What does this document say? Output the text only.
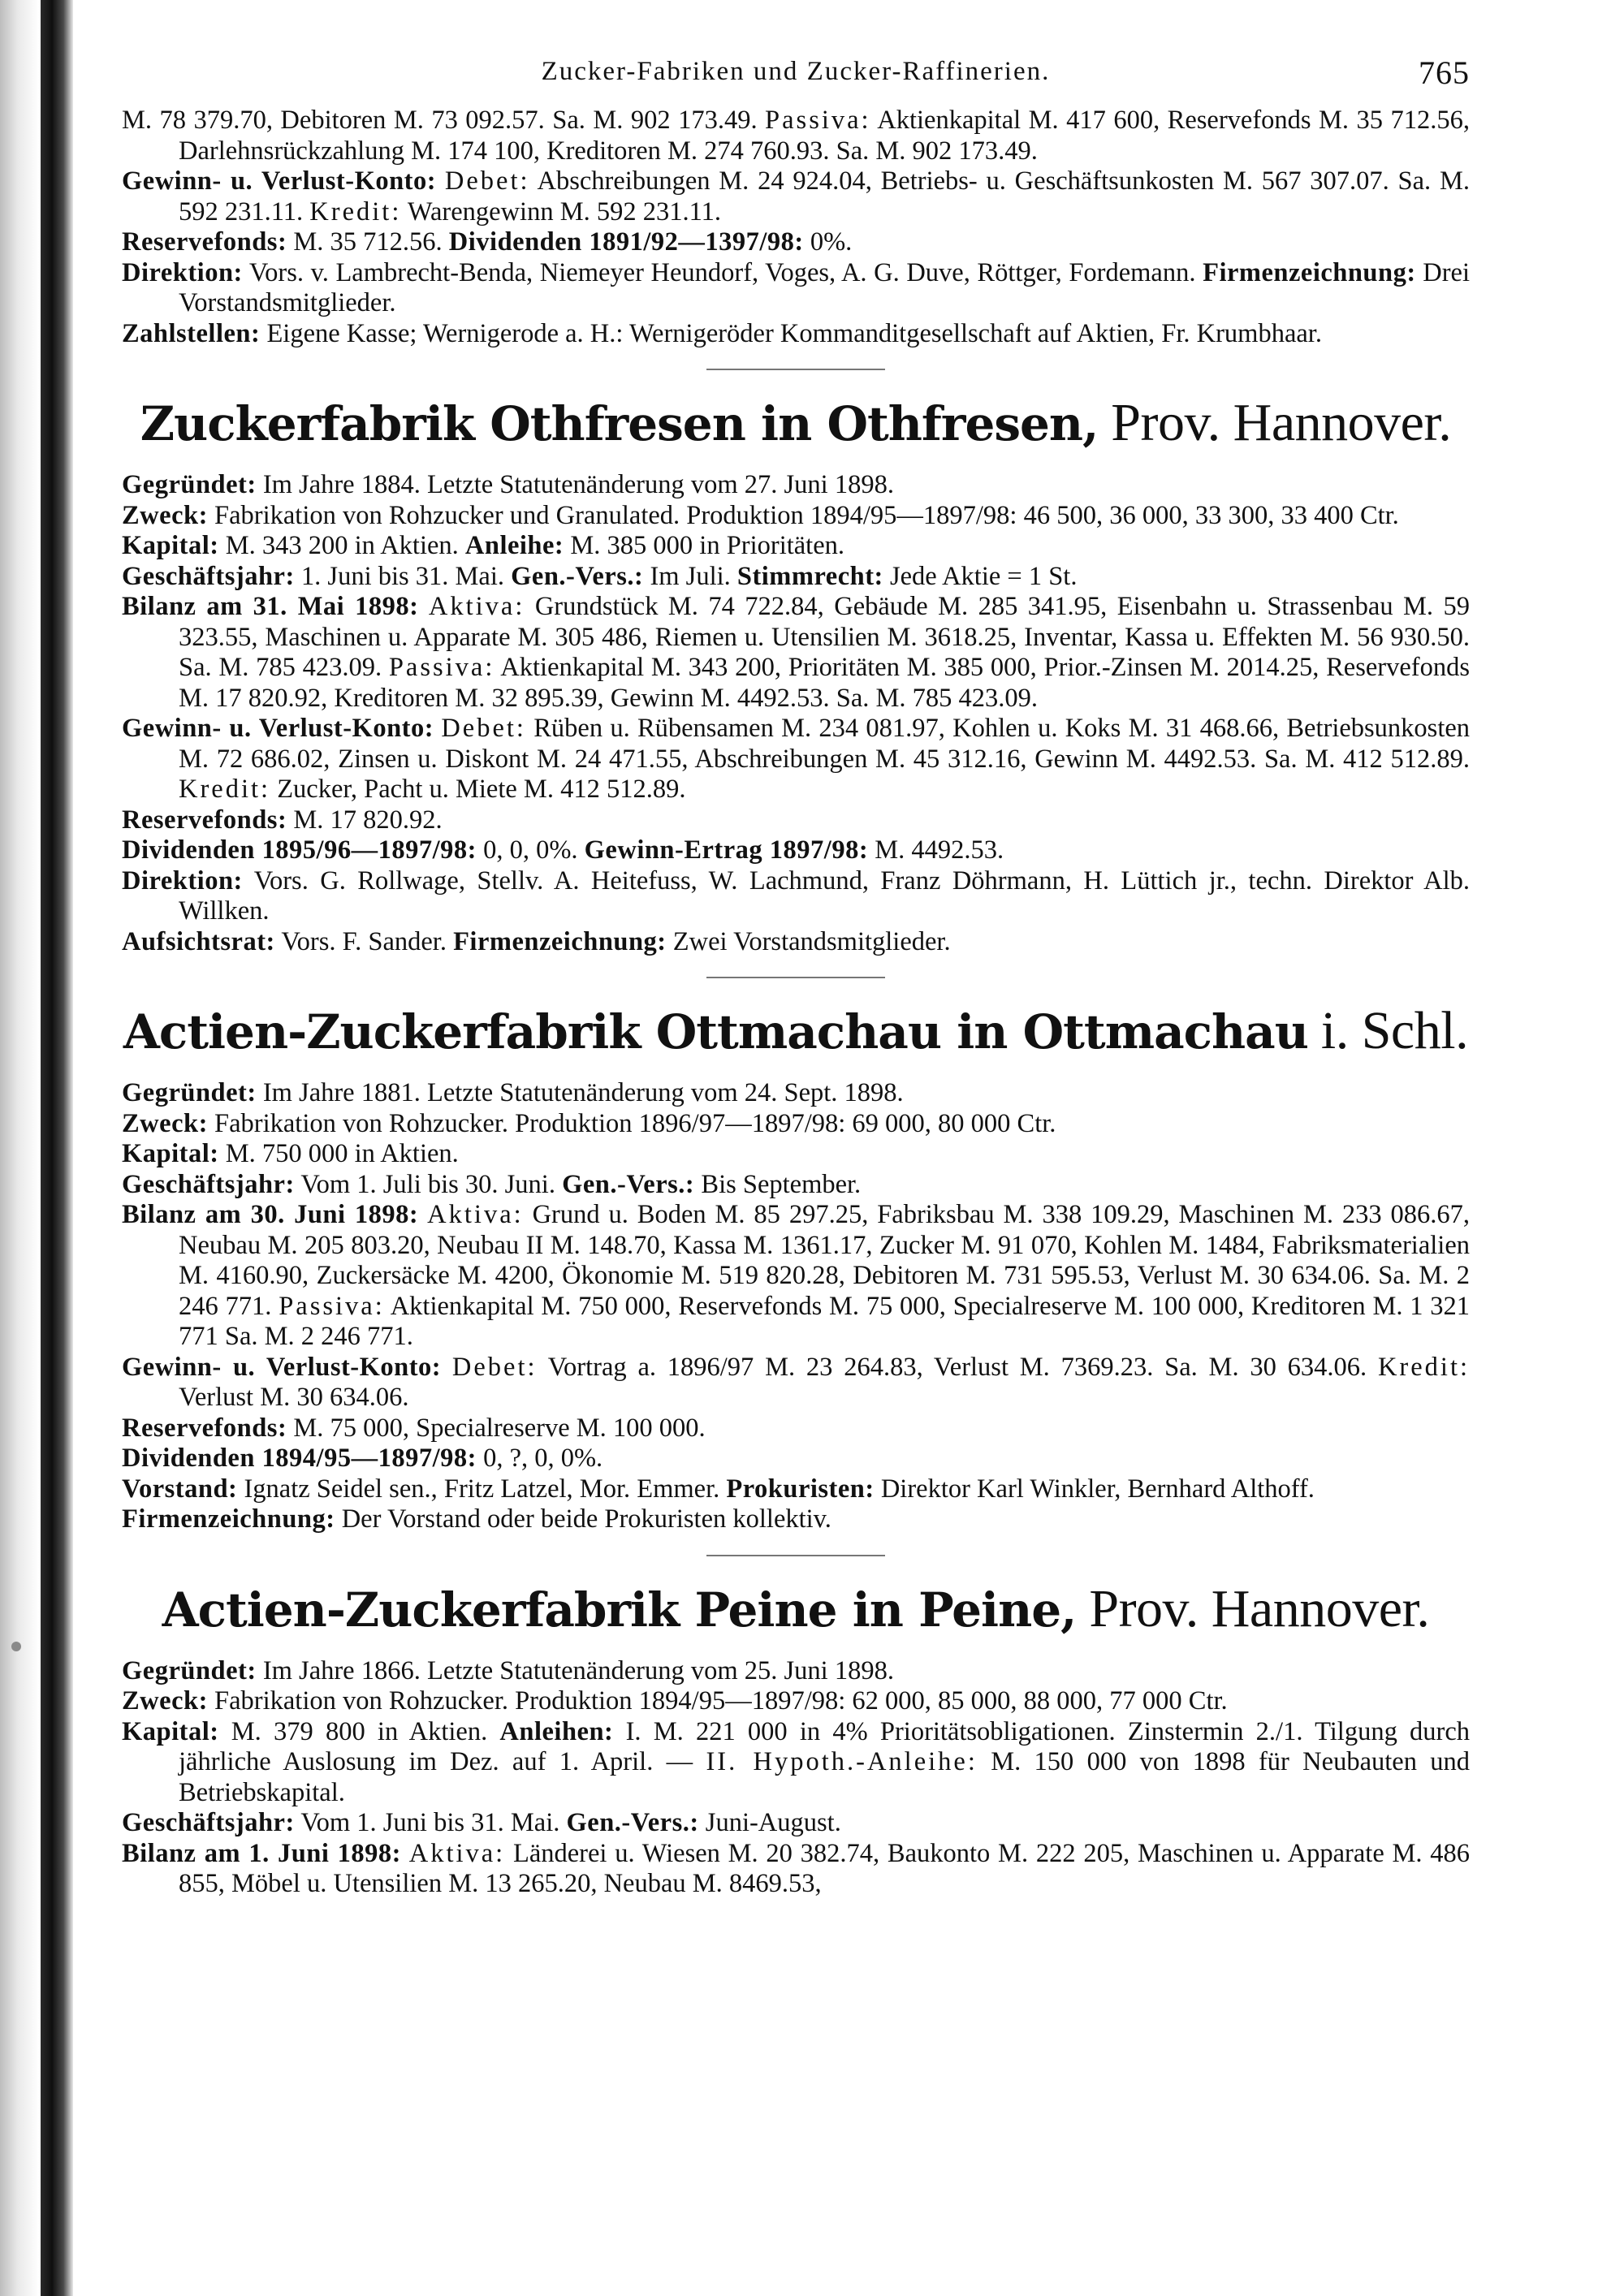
Zucker-Fabriken und Zucker-Raffinerien.	765

M. 78 379.70, Debitoren M. 73 092.57. Sa. M. 902 173.49. Passiva: Aktienkapital M. 417 600, Reservefonds M. 35 712.56, Darlehnsrückzahlung M. 174 100, Kreditoren M. 274 760.93. Sa. M. 902 173.49.

Gewinn- u. Verlust-Konto: Debet: Abschreibungen M. 24 924.04, Betriebs- u. Geschäftsunkosten M. 567 307.07. Sa. M. 592 231.11. Kredit: Warengewinn M. 592 231.11.

Reservefonds: M. 35 712.56. Dividenden 1891/92—1397/98: 0%.

Direktion: Vors. v. Lambrecht-Benda, Niemeyer Heundorf, Voges, A. G. Duve, Röttger, Fordemann. Firmenzeichnung: Drei Vorstandsmitglieder.

Zahlstellen: Eigene Kasse; Wernigerode a. H.: Wernigeröder Kommanditgesellschaft auf Aktien, Fr. Krumbhaar.

Zuckerfabrik Othfresen in Othfresen, Prov. Hannover.

Gegründet: Im Jahre 1884. Letzte Statutenänderung vom 27. Juni 1898.

Zweck: Fabrikation von Rohzucker und Granulated. Produktion 1894/95—1897/98: 46 500, 36 000, 33 300, 33 400 Ctr.

Kapital: M. 343 200 in Aktien. Anleihe: M. 385 000 in Prioritäten.

Geschäftsjahr: 1. Juni bis 31. Mai. Gen.-Vers.: Im Juli. Stimmrecht: Jede Aktie = 1 St.

Bilanz am 31. Mai 1898: Aktiva: Grundstück M. 74 722.84, Gebäude M. 285 341.95, Eisenbahn u. Strassenbau M. 59 323.55, Maschinen u. Apparate M. 305 486, Riemen u. Utensilien M. 3618.25, Inventar, Kassa u. Effekten M. 56 930.50. Sa. M. 785 423.09. Passiva: Aktienkapital M. 343 200, Prioritäten M. 385 000, Prior.-Zinsen M. 2014.25, Reservefonds M. 17 820.92, Kreditoren M. 32 895.39, Gewinn M. 4492.53. Sa. M. 785 423.09.

Gewinn- u. Verlust-Konto: Debet: Rüben u. Rübensamen M. 234 081.97, Kohlen u. Koks M. 31 468.66, Betriebsunkosten M. 72 686.02, Zinsen u. Diskont M. 24 471.55, Abschreibungen M. 45 312.16, Gewinn M. 4492.53. Sa. M. 412 512.89. Kredit: Zucker, Pacht u. Miete M. 412 512.89.

Reservefonds: M. 17 820.92.

Dividenden 1895/96—1897/98: 0, 0, 0%. Gewinn-Ertrag 1897/98: M. 4492.53.

Direktion: Vors. G. Rollwage, Stellv. A. Heitefuss, W. Lachmund, Franz Döhrmann, H. Lüttich jr., techn. Direktor Alb. Willken.

Aufsichtsrat: Vors. F. Sander. Firmenzeichnung: Zwei Vorstandsmitglieder.

Actien-Zuckerfabrik Ottmachau in Ottmachau i. Schl.

Gegründet: Im Jahre 1881. Letzte Statutenänderung vom 24. Sept. 1898.

Zweck: Fabrikation von Rohzucker. Produktion 1896/97—1897/98: 69 000, 80 000 Ctr.

Kapital: M. 750 000 in Aktien.

Geschäftsjahr: Vom 1. Juli bis 30. Juni. Gen.-Vers.: Bis September.

Bilanz am 30. Juni 1898: Aktiva: Grund u. Boden M. 85 297.25, Fabriksbau M. 338 109.29, Maschinen M. 233 086.67, Neubau M. 205 803.20, Neubau II M. 148.70, Kassa M. 1361.17, Zucker M. 91 070, Kohlen M. 1484, Fabriksmaterialien M. 4160.90, Zuckersäcke M. 4200, Ökonomie M. 519 820.28, Debitoren M. 731 595.53, Verlust M. 30 634.06. Sa. M. 2 246 771. Passiva: Aktienkapital M. 750 000, Reservefonds M. 75 000, Specialreserve M. 100 000, Kreditoren M. 1 321 771 Sa. M. 2 246 771.

Gewinn- u. Verlust-Konto: Debet: Vortrag a. 1896/97 M. 23 264.83, Verlust M. 7369.23. Sa. M. 30 634.06. Kredit: Verlust M. 30 634.06.

Reservefonds: M. 75 000, Specialreserve M. 100 000.

Dividenden 1894/95—1897/98: 0, ?, 0, 0%.

Vorstand: Ignatz Seidel sen., Fritz Latzel, Mor. Emmer. Prokuristen: Direktor Karl Winkler, Bernhard Althoff.

Firmenzeichnung: Der Vorstand oder beide Prokuristen kollektiv.

Actien-Zuckerfabrik Peine in Peine, Prov. Hannover.

Gegründet: Im Jahre 1866. Letzte Statutenänderung vom 25. Juni 1898.

Zweck: Fabrikation von Rohzucker. Produktion 1894/95—1897/98: 62 000, 85 000, 88 000, 77 000 Ctr.

Kapital: M. 379 800 in Aktien. Anleihen: I. M. 221 000 in 4% Prioritätsobligationen. Zinstermin 2./1. Tilgung durch jährliche Auslosung im Dez. auf 1. April. — II. Hypoth.-Anleihe: M. 150 000 von 1898 für Neubauten und Betriebskapital.

Geschäftsjahr: Vom 1. Juni bis 31. Mai. Gen.-Vers.: Juni-August.

Bilanz am 1. Juni 1898: Aktiva: Länderei u. Wiesen M. 20 382.74, Baukonto M. 222 205, Maschinen u. Apparate M. 486 855, Möbel u. Utensilien M. 13 265.20, Neubau M. 8469.53,
